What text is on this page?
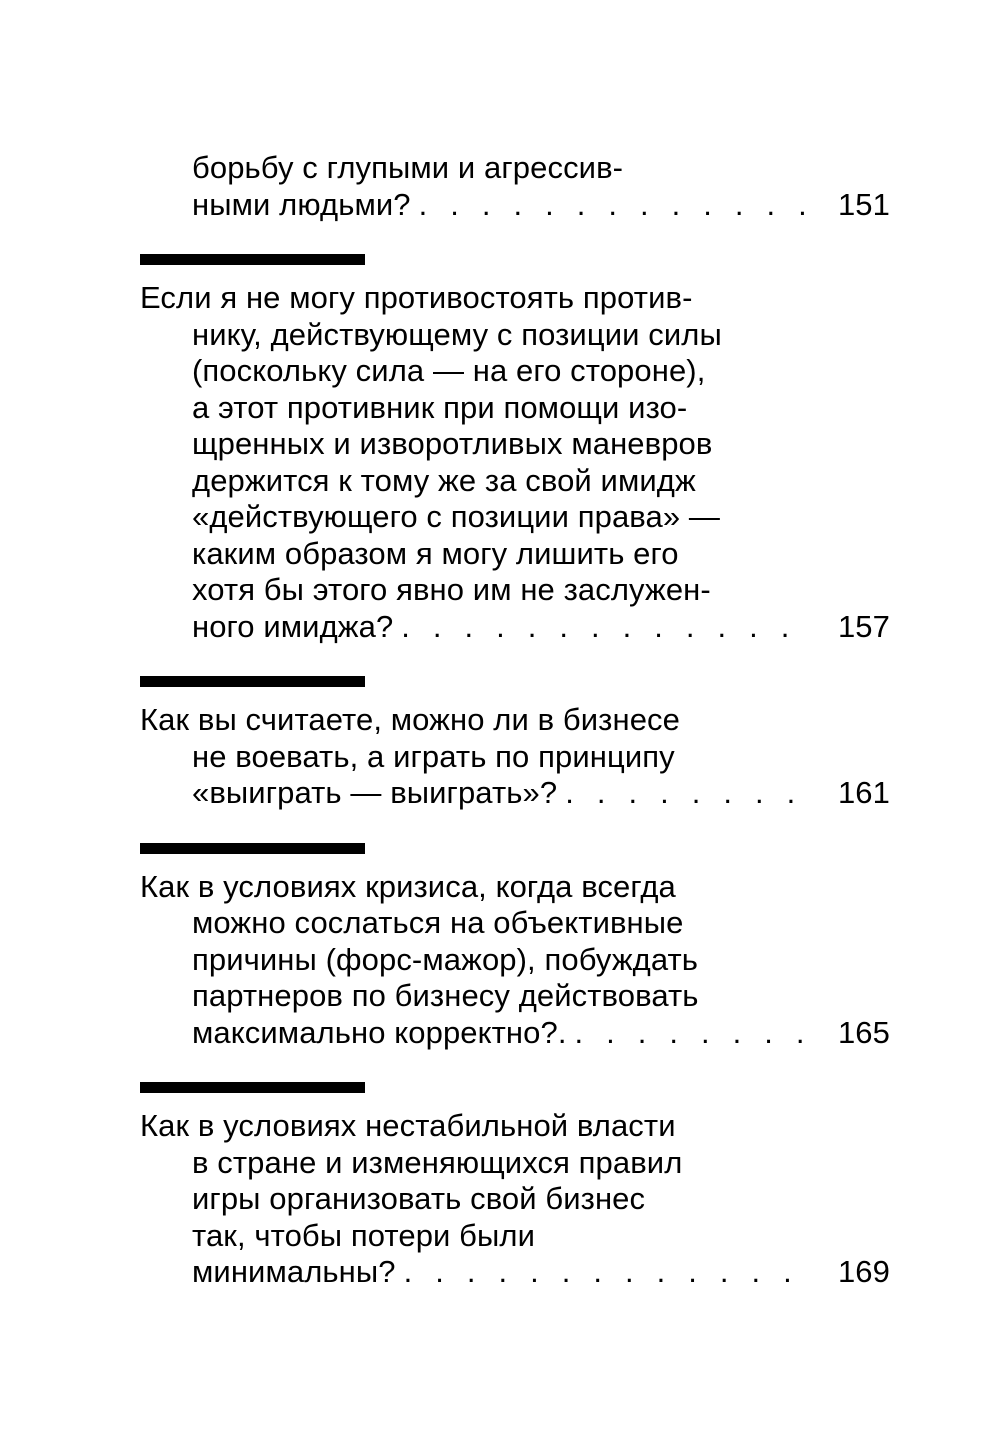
борьбу с глупыми и агрессив-
ными людьми? . . .	151
Если я не могу противостоять против-
нику, действующему с позиции силы
(поскольку сила — на его стороне),
а этот противник при помощи изо-
щренных и изворотливых маневров
держится к тому же за свой имидж
«действующего с позиции права» —
каким образом я могу лишить его
хотя бы этого явно им не заслужен-
ного имиджа? . . .	157
Как вы считаете, можно ли в бизнесе
не воевать, а играть по принципу
«выиграть — выиграть»? . . .	161
Как в условиях кризиса, когда всегда
можно сослаться на объективные
причины (форс-мажор), побуждать
партнеров по бизнесу действовать
максимально корректно?. . . .	165
Как в условиях нестабильной власти
в стране и изменяющихся правил
игры организовать свой бизнес
так, чтобы потери были
минимальны? . . .	169
